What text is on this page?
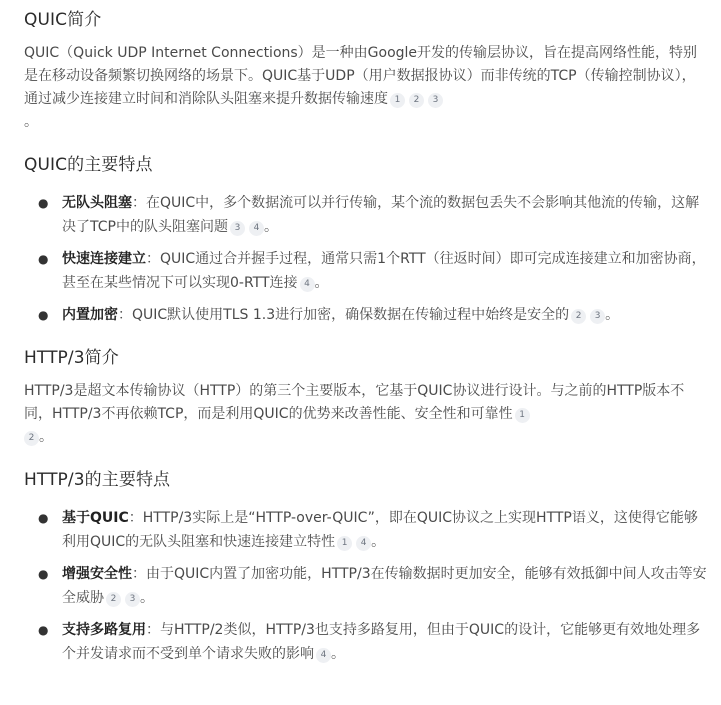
QUIC简介

QUIC（Quick UDP Internet Connections）是一种由Google开发的传输层协议，旨在提高网络性能，特别是在移动设备频繁切换网络的场景下。QUIC基于UDP（用户数据报协议）而非传统的TCP（传输控制协议），通过减少连接建立时间和消除队头阻塞来提升数据传输速度 1 2 3
。

QUIC的主要特点
● 无队头阻塞：在QUIC中，多个数据流可以并行传输，某个流的数据包丢失不会影响其他流的传输，这解决了TCP中的队头阻塞问题 3 4 。
● 快速连接建立：QUIC通过合并握手过程，通常只需1个RTT（往返时间）即可完成连接建立和加密协商，甚至在某些情况下可以实现0-RTT连接 4 。
● 内置加密：QUIC默认使用TLS 1.3进行加密，确保数据在传输过程中始终是安全的 2 3 。
HTTP/3简介

HTTP/3是超文本传输协议（HTTP）的第三个主要版本，它基于QUIC协议进行设计。与之前的HTTP版本不同，HTTP/3不再依赖TCP，而是利用QUIC的优势来改善性能、安全性和可靠性 1
2 。

HTTP/3的主要特点
● 基于QUIC：HTTP/3实际上是“HTTP-over-QUIC”，即在QUIC协议之上实现HTTP语义，这使得它能够利用QUIC的无队头阻塞和快速连接建立特性 1 4 。
● 增强安全性：由于QUIC内置了加密功能，HTTP/3在传输数据时更加安全，能够有效抵御中间人攻击等安全威胁 2 3 。
● 支持多路复用：与HTTP/2类似，HTTP/3也支持多路复用，但由于QUIC的设计，它能够更有效地处理多个并发请求而不受到单个请求失败的影响 4 。
